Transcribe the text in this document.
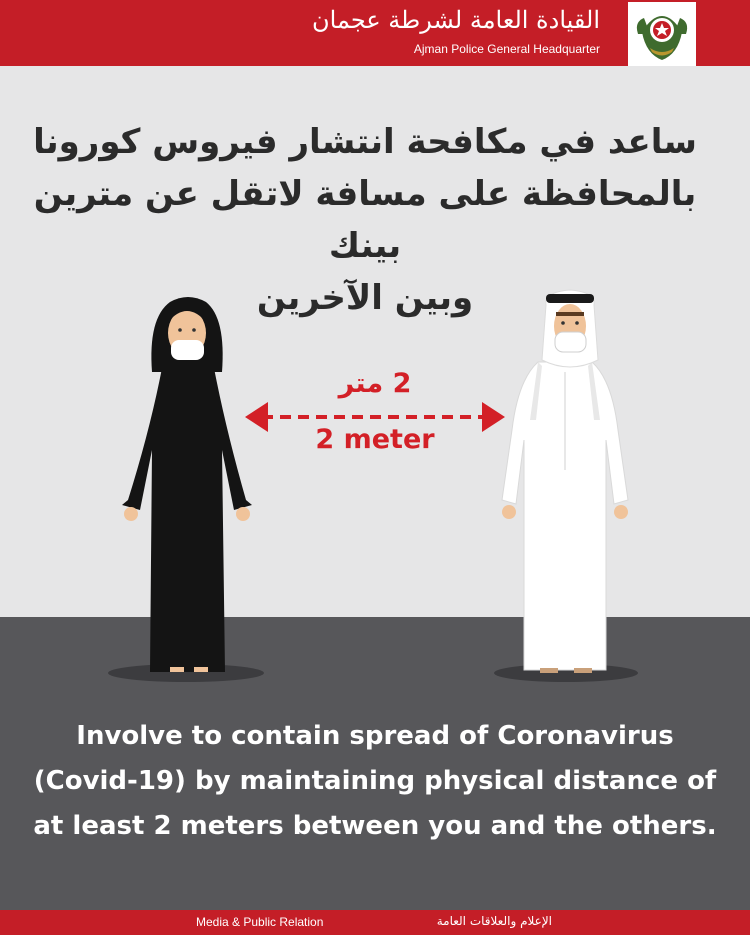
القيادة العامة لشرطة عجمان
Ajman Police General Headquarter
ساعد في مكافحة انتشار فيروس كورونا
بالمحافظة على مسافة لاتقل عن مترين بينك
وبين الآخرين
2 متر
2 meter
Involve to contain spread of Coronavirus
(Covid-19) by maintaining physical distance of
at least 2 meters between you and the others.
Media & Public Relation	الإعلام والعلاقات العامة
